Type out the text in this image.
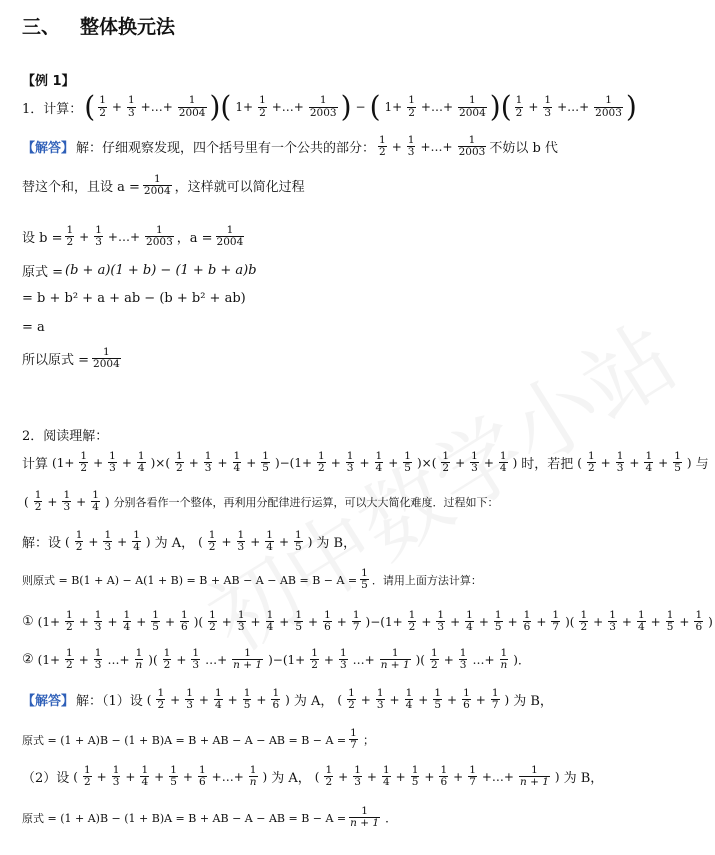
三、 整体换元法
【例 1】
1．计算： ( $\frac{1}{2} + \frac{1}{3}$ +…+ $\frac{1}{2004}$ )( $1+ \frac{1}{2}$ +…+ $\frac{1}{2003}$ ) − ( $1+ \frac{1}{2}$ +…+ $\frac{1}{2004}$ )( $\frac{1}{2} + \frac{1}{3}$ +…+ $\frac{1}{2003}$ )
【解答】 解：仔细观察发现，四个括号里有一个公共的部分： $\frac{1}{2} + \frac{1}{3}$ +…+ $\frac{1}{2003}$ 不妨以 b 代
替这个和，且设 $a = \frac{1}{2004}$ ，这样就可以简化过程
设 $b = \frac{1}{2} + \frac{1}{3}$ +…+ $\frac{1}{2003}$ ，$a = \frac{1}{2004}$
原式 = (b + a)(1 + b) − (1 + b + a)b
= b + b² + a + ab − (b + b² + ab)
= a
所以原式 = $\frac{1}{2004}$
2．阅读理解：
计算 ($1+ \frac{1}{2} + \frac{1}{3} + \frac{1}{4}$ )×( $\frac{1}{2} + \frac{1}{3} + \frac{1}{4} + \frac{1}{5} )-(1+ \frac{1}{2} + \frac{1}{3} + \frac{1}{4} + \frac{1}{5}$ )×( $\frac{1}{2} + \frac{1}{3} + \frac{1}{4}$ ) 时，若把 ( $\frac{1}{2} + \frac{1}{3} + \frac{1}{4} + \frac{1}{5}$ ) 与
( $\frac{1}{2} + \frac{1}{3} + \frac{1}{4}$ ) 分别各看作一个整体，再利用分配律进行运算，可以大大简化难度．过程如下：
解：设 ( $\frac{1}{2} + \frac{1}{3} + \frac{1}{4}$ ) 为 A， ( $\frac{1}{2} + \frac{1}{3} + \frac{1}{4} + \frac{1}{5}$ ) 为 B，
则原式 = B(1 + A) − A(1 + B) = B + AB − A − AB = $B - A = \frac{1}{5}$ ．请用上面方法计算：
① ($1+ \frac{1}{2} + \frac{1}{3} + \frac{1}{4} + \frac{1}{5} + \frac{1}{6}$ )( $\frac{1}{2} + \frac{1}{3} + \frac{1}{4} + \frac{1}{5} + \frac{1}{6} + \frac{1}{7} )-(1+ \frac{1}{2} + \frac{1}{3} + \frac{1}{4} + \frac{1}{5} + \frac{1}{6} + \frac{1}{7}$ )( $\frac{1}{2} + \frac{1}{3} + \frac{1}{4} + \frac{1}{5} + \frac{1}{6}$ )
② ($1+ \frac{1}{2} + \frac{1}{3}$ …+ $\frac{1}{n}$ )( $\frac{1}{2} + \frac{1}{3}$ …+ $\frac{1}{n + 1} )-(1+ \frac{1}{2} + \frac{1}{3}$ …+ $\frac{1}{n + 1}$ )( $\frac{1}{2} + \frac{1}{3}$ …+ $\frac{1}{n}$ )．
【解答】 解：（1）设 ( $\frac{1}{2} + \frac{1}{3} + \frac{1}{4} + \frac{1}{5} + \frac{1}{6}$ ) 为 A， ( $\frac{1}{2} + \frac{1}{3} + \frac{1}{4} + \frac{1}{5} + \frac{1}{6} + \frac{1}{7}$ ) 为 B，
原式 = (1 + A)B − (1 + B)A = B + AB − A − AB = $B - A = \frac{1}{7}$ ；
（2）设 ( $\frac{1}{2} + \frac{1}{3} + \frac{1}{4} + \frac{1}{5} + \frac{1}{6}$ +…+ $\frac{1}{n}$ ) 为 A， ( $\frac{1}{2} + \frac{1}{3} + \frac{1}{4} + \frac{1}{5} + \frac{1}{6} + \frac{1}{7}$ +…+ $\frac{1}{n + 1}$ ) 为 B，
原式 = (1 + A)B − (1 + B)A = B + AB − A − AB = $B - A = \frac{1}{n + 1}$ ．
